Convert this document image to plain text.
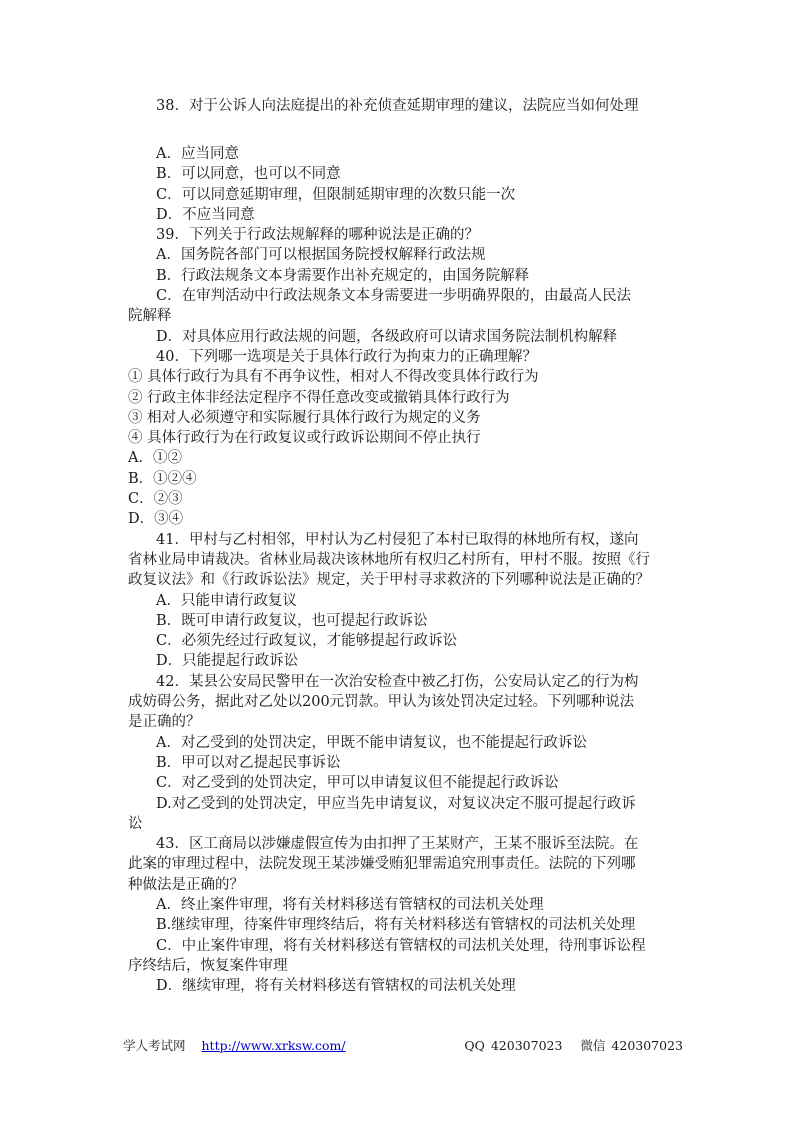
38．对于公诉人向法庭提出的补充侦查延期审理的建议，法院应当如何处理
A．应当同意
B．可以同意，也可以不同意
C．可以同意延期审理，但限制延期审理的次数只能一次
D．不应当同意
39．下列关于行政法规解释的哪种说法是正确的？
A．国务院各部门可以根据国务院授权解释行政法规
B．行政法规条文本身需要作出补充规定的，由国务院解释
C．在审判活动中行政法规条文本身需要进一步明确界限的，由最高人民法
院解释
D．对具体应用行政法规的问题，各级政府可以请求国务院法制机构解释
40．下列哪一选项是关于具体行政行为拘束力的正确理解？
① 具体行政行为具有不再争议性，相对人不得改变具体行政行为
② 行政主体非经法定程序不得任意改变或撤销具体行政行为
③ 相对人必须遵守和实际履行具体行政行为规定的义务
④ 具体行政行为在行政复议或行政诉讼期间不停止执行
A．①②
B．①②④
C．②③
D．③④
41．甲村与乙村相邻，甲村认为乙村侵犯了本村已取得的林地所有权，遂向
省林业局申请裁决。省林业局裁决该林地所有权归乙村所有，甲村不服。按照《行
政复议法》和《行政诉讼法》规定，关于甲村寻求救济的下列哪种说法是正确的？
A．只能申请行政复议
B．既可申请行政复议，也可提起行政诉讼
C．必须先经过行政复议，才能够提起行政诉讼
D．只能提起行政诉讼
42．某县公安局民警甲在一次治安检查中被乙打伤，公安局认定乙的行为构
成妨碍公务，据此对乙处以200元罚款。甲认为该处罚决定过轻。下列哪种说法
是正确的？
A．对乙受到的处罚决定，甲既不能申请复议，也不能提起行政诉讼
B．甲可以对乙提起民事诉讼
C．对乙受到的处罚决定，甲可以申请复议但不能提起行政诉讼
D.对乙受到的处罚决定，甲应当先申请复议，对复议决定不服可提起行政诉
讼
43．区工商局以涉嫌虚假宣传为由扣押了王某财产，王某不服诉至法院。在
此案的审理过程中，法院发现王某涉嫌受贿犯罪需追究刑事责任。法院的下列哪
种做法是正确的？
A．终止案件审理，将有关材料移送有管辖权的司法机关处理
B.继续审理，待案件审理终结后，将有关材料移送有管辖权的司法机关处理
C．中止案件审理，将有关材料移送有管辖权的司法机关处理，待刑事诉讼程
序终结后，恢复案件审理
D．继续审理，将有关材料移送有管辖权的司法机关处理
学人考试网 http://www.xrksw.com/	QQ 420307023 微信 420307023
